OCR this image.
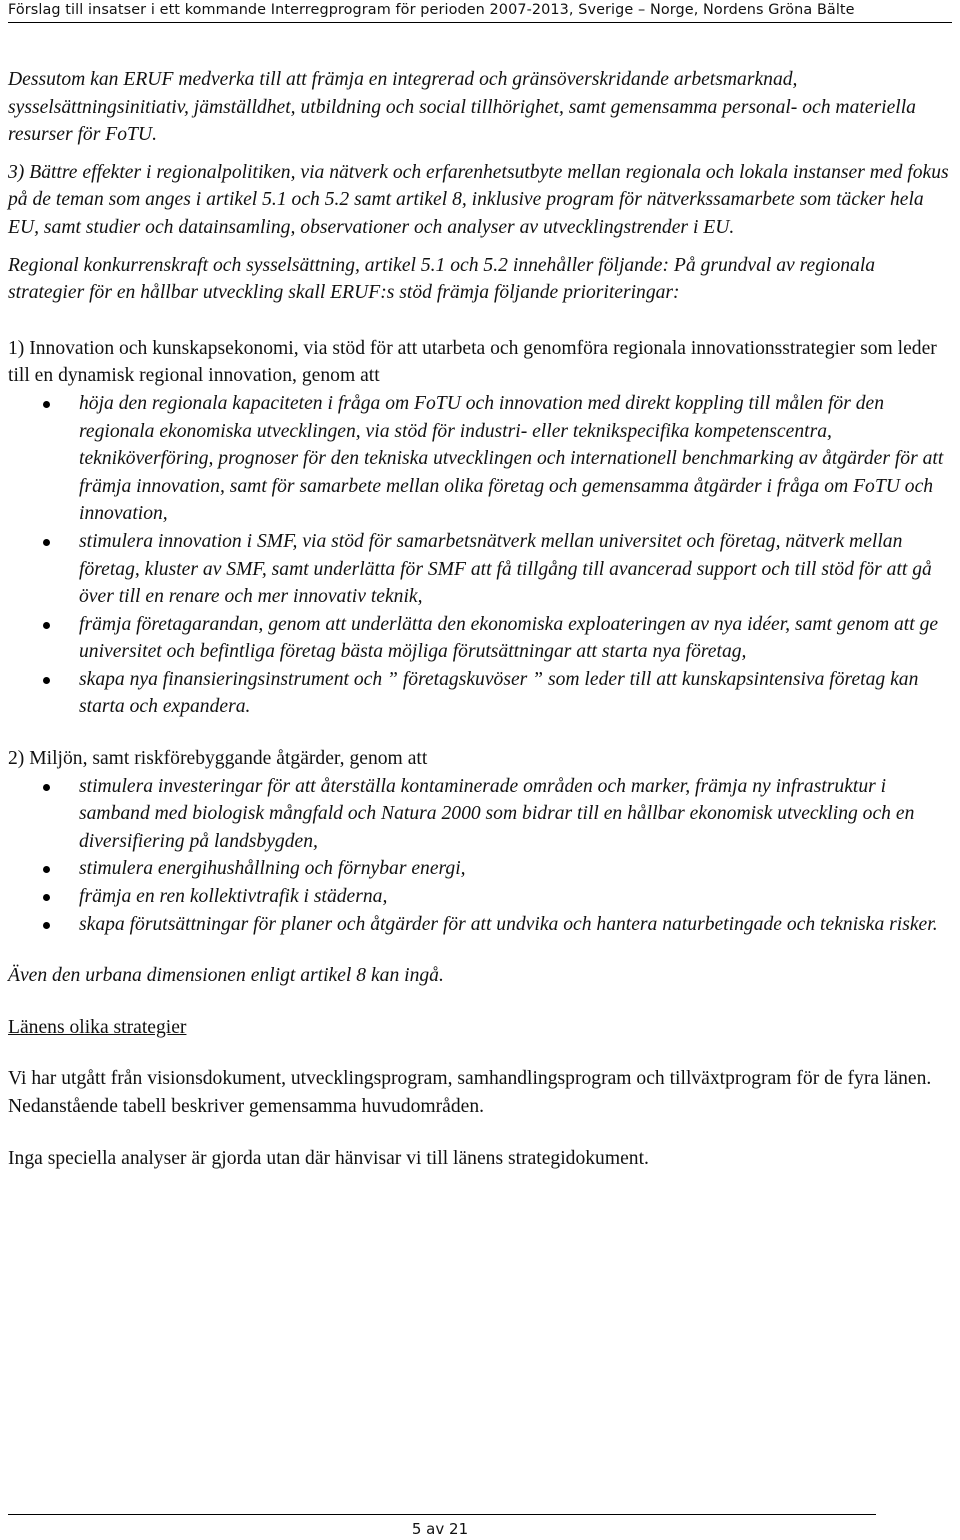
Förslag till insatser i ett kommande Interregprogram för perioden 2007-2013, Sverige – Norge, Nordens Gröna Bälte

Dessutom kan ERUF medverka till att främja en integrerad och gränsöverskridande arbetsmarknad, sysselsättningsinitiativ, jämställdhet, utbildning och social tillhörighet, samt gemensamma personal- och materiella resurser för FoTU.

3) Bättre effekter i regionalpolitiken, via nätverk och erfarenhetsutbyte mellan regionala och lokala instanser med fokus på de teman som anges i artikel 5.1 och 5.2 samt artikel 8, inklusive program för nätverkssamarbete som täcker hela EU, samt studier och datainsamling, observationer och analyser av utvecklingstrender i EU.

Regional konkurrenskraft och sysselsättning, artikel 5.1 och 5.2 innehåller följande: På grundval av regionala strategier för en hållbar utveckling skall ERUF:s stöd främja följande prioriteringar:

1) Innovation och kunskapsekonomi, via stöd för att utarbeta och genomföra regionala innovationsstrategier som leder till en dynamisk regional innovation, genom att

höja den regionala kapaciteten i fråga om FoTU och innovation med direkt koppling till målen för den regionala ekonomiska utvecklingen, via stöd för industri- eller teknikspecifika kompetenscentra, tekniköverföring, prognoser för den tekniska utvecklingen och internationell benchmarking av åtgärder för att främja innovation, samt för samarbete mellan olika företag och gemensamma åtgärder i fråga om FoTU och innovation,
stimulera innovation i SMF, via stöd för samarbetsnätverk mellan universitet och företag, nätverk mellan företag, kluster av SMF, samt underlätta för SMF att få tillgång till avancerad support och till stöd för att gå över till en renare och mer innovativ teknik,
främja företagarandan, genom att underlätta den ekonomiska exploateringen av nya idéer, samt genom att ge universitet och befintliga företag bästa möjliga förutsättningar att starta nya företag,
skapa nya finansieringsinstrument och ” företagskuvöser ” som leder till att kunskapsintensiva företag kan starta och expandera.

2) Miljön, samt riskförebyggande åtgärder, genom att

stimulera investeringar för att återställa kontaminerade områden och marker, främja ny infrastruktur i samband med biologisk mångfald och Natura 2000 som bidrar till en hållbar ekonomisk utveckling och en diversifiering på landsbygden,
stimulera energihushållning och förnybar energi,
främja en ren kollektivtrafik i städerna,
skapa förutsättningar för planer och åtgärder för att undvika och hantera naturbetingade och tekniska risker.

Även den urbana dimensionen enligt artikel 8 kan ingå.

Länens olika strategier

Vi har utgått från visionsdokument, utvecklingsprogram, samhandlingsprogram och tillväxtprogram för de fyra länen. Nedanstående tabell beskriver gemensamma huvudområden.

Inga speciella analyser är gjorda utan där hänvisar vi till länens strategidokument.

5 av 21
